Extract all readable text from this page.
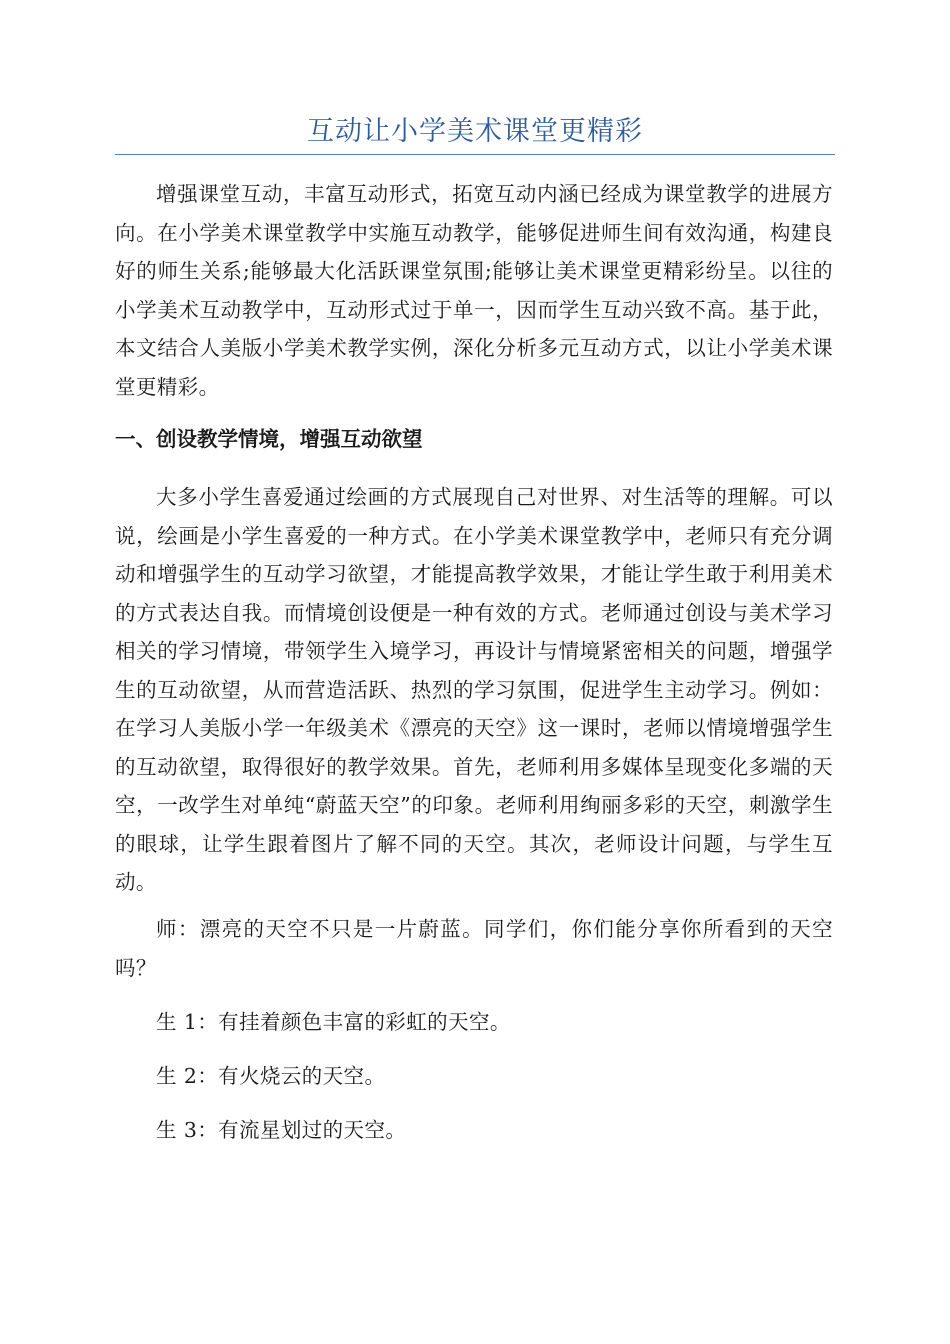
互动让小学美术课堂更精彩

增强课堂互动，丰富互动形式，拓宽互动内涵已经成为课堂教学的进展方向。在小学美术课堂教学中实施互动教学，能够促进师生间有效沟通，构建良好的师生关系;能够最大化活跃课堂氛围;能够让美术课堂更精彩纷呈。以往的小学美术互动教学中，互动形式过于单一，因而学生互动兴致不高。基于此，本文结合人美版小学美术教学实例，深化分析多元互动方式，以让小学美术课堂更精彩。

一、创设教学情境，增强互动欲望

大多小学生喜爱通过绘画的方式展现自己对世界、对生活等的理解。可以说，绘画是小学生喜爱的一种方式。在小学美术课堂教学中，老师只有充分调动和增强学生的互动学习欲望，才能提高教学效果，才能让学生敢于利用美术的方式表达自我。而情境创设便是一种有效的方式。老师通过创设与美术学习相关的学习情境，带领学生入境学习，再设计与情境紧密相关的问题，增强学生的互动欲望，从而营造活跃、热烈的学习氛围，促进学生主动学习。例如：在学习人美版小学一年级美术《漂亮的天空》这一课时，老师以情境增强学生的互动欲望，取得很好的教学效果。首先，老师利用多媒体呈现变化多端的天空，一改学生对单纯“蔚蓝天空”的印象。老师利用绚丽多彩的天空，刺激学生的眼球，让学生跟着图片了解不同的天空。其次，老师设计问题，与学生互动。

师：漂亮的天空不只是一片蔚蓝。同学们，你们能分享你所看到的天空吗？

生 1：有挂着颜色丰富的彩虹的天空。

生 2：有火烧云的天空。

生 3：有流星划过的天空。
